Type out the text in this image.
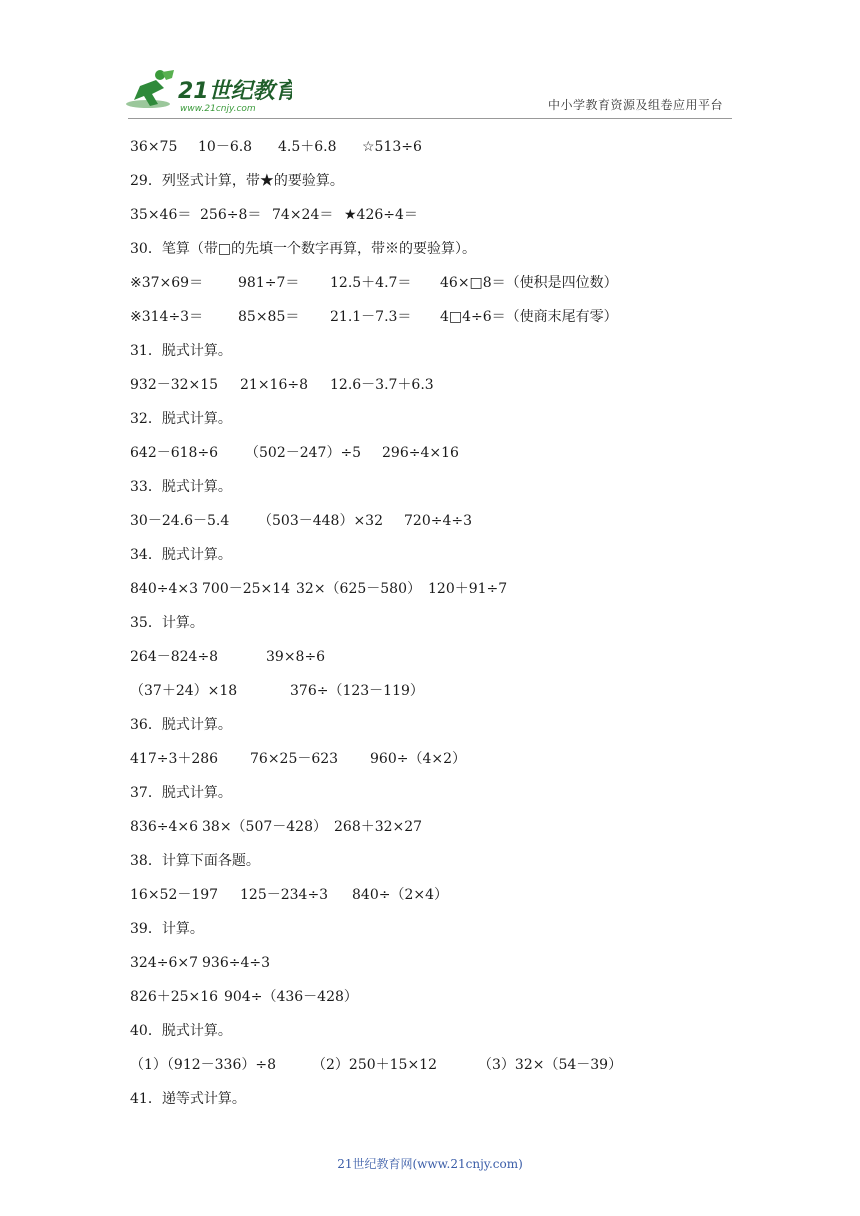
21世纪教育
www.21cnjy.com	中小学教育资源及组卷应用平台
36×75 10－6.8 4.5＋6.8 ☆513÷6
29．列竖式计算，带★的要验算。
35×46＝ 256÷8＝ 74×24＝ ★426÷4＝
30．笔算（带□的先填一个数字再算，带※的要验算）。
※37×69＝ 981÷7＝ 12.5＋4.7＝ 46×□8＝（使积是四位数）
※314÷3＝ 85×85＝ 21.1－7.3＝ 4□4÷6＝（使商末尾有零）
31．脱式计算。
932－32×15 21×16÷8 12.6－3.7＋6.3
32．脱式计算。
642－618÷6 （502－247）÷5 296÷4×16
33．脱式计算。
30－24.6－5.4 （503－448）×32 720÷4÷3
34．脱式计算。
840÷4×3 700－25×14 32×（625－580） 120＋91÷7
35．计算。
264－824÷8	39×8÷6
（37＋24）×18	376÷（123－119）
36．脱式计算。
417÷3＋286 76×25－623 960÷（4×2）
37．脱式计算。
836÷4×6 38×（507－428） 268＋32×27
38．计算下面各题。
16×52－197 125－234÷3 840÷（2×4）
39．计算。
324÷6×7 936÷4÷3
826＋25×16 904÷（436－428）
40．脱式计算。
（1）（912－336）÷8	（2）250＋15×12	（3）32×（54－39）
41．递等式计算。
21世纪教育网(www.21cnjy.com)
